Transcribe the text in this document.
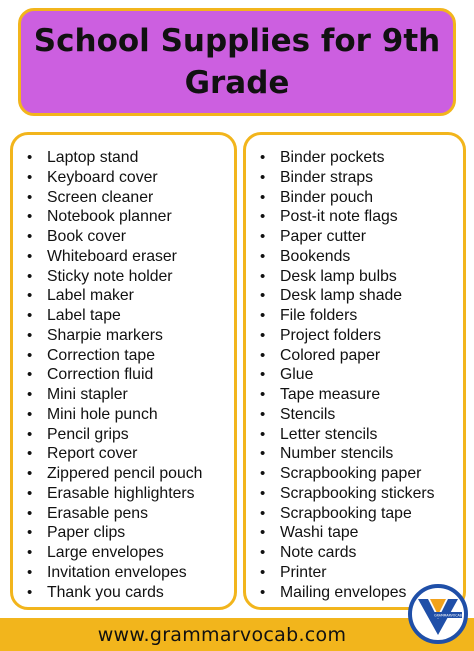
School Supplies for 9th Grade
• Laptop stand
• Keyboard cover
• Screen cleaner
• Notebook planner
• Book cover
• Whiteboard eraser
• Sticky note holder
• Label maker
• Label tape
• Sharpie markers
• Correction tape
• Correction fluid
• Mini stapler
• Mini hole punch
• Pencil grips
• Report cover
• Zippered pencil pouch
• Erasable highlighters
• Erasable pens
• Paper clips
• Large envelopes
• Invitation envelopes
• Thank you cards
• Binder pockets
• Binder straps
• Binder pouch
• Post-it note flags
• Paper cutter
• Bookends
• Desk lamp bulbs
• Desk lamp shade
• File folders
• Project folders
• Colored paper
• Glue
• Tape measure
• Stencils
• Letter stencils
• Number stencils
• Scrapbooking paper
• Scrapbooking stickers
• Scrapbooking tape
• Washi tape
• Note cards
• Printer
• Mailing envelopes
www.grammarvocab.com
GRAMMARVOCAB
